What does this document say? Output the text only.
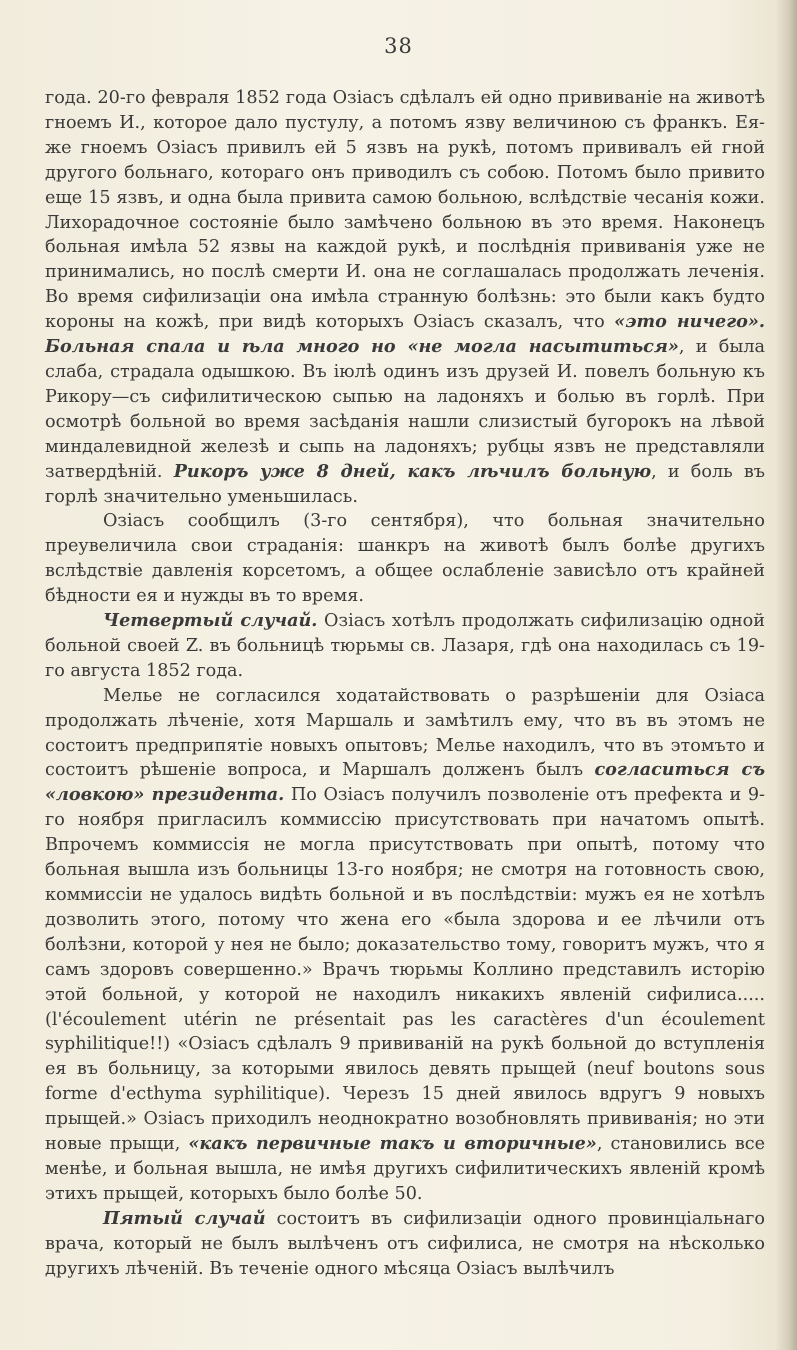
38

года. 20-го февраля 1852 года Озіасъ сдѣлалъ ей одно прививаніе на животѣ гноемъ И., которое дало пустулу, а потомъ язву величиною съ франкъ. Ея-же гноемъ Озіасъ привилъ ей 5 язвъ на рукѣ, потомъ прививалъ ей гной другого больнаго, котораго онъ приводилъ съ собою. Потомъ было привито еще 15 язвъ, и одна была привита самою больною, вслѣдствіе чесанія кожи. Лихорадочное состояніе было замѣчено больною въ это время. Наконецъ больная имѣла 52 язвы на каждой рукѣ, и послѣднія прививанія уже не принимались, но послѣ смерти И. она не соглашалась продолжать леченія. Во время сифилизаціи она имѣла странную болѣзнь: это были какъ будто короны на кожѣ, при видѣ которыхъ Озіасъ сказалъ, что «это ничего». Больная спала и ѣла много но «не могла насытиться», и была слаба, страдала одышкою. Въ іюлѣ одинъ изъ друзей И. повелъ больную къ Рикору—съ сифилитическою сыпью на ладоняхъ и болью въ горлѣ. При осмотрѣ больной во время засѣданія нашли слизистый бугорокъ на лѣвой миндалевидной железѣ и сыпь на ладоняхъ; рубцы язвъ не представляли затвердѣній. Рикоръ уже 8 дней, какъ лѣчилъ больную, и боль въ горлѣ значительно уменьшилась.

Озіасъ сообщилъ (3-го сентября), что больная значительно преувеличила свои страданія: шанкръ на животѣ былъ болѣе другихъ вслѣдствіе давленія корсетомъ, а общее ослабленіе зависѣло отъ крайней бѣдности ея и нужды въ то время.

Четвертый случай. Озіасъ хотѣлъ продолжать сифилизацію одной больной своей Z. въ больницѣ тюрьмы св. Лазаря, гдѣ она находилась съ 19-го августа 1852 года.

Мелье не согласился ходатайствовать о разрѣшеніи для Озіаса продолжать лѣченіе, хотя Маршаль и замѣтилъ ему, что въ въ этомъ не состоитъ предприпятіе новыхъ опытовъ; Мелье находилъ, что въ этомъто и состоитъ рѣшеніе вопроса, и Маршалъ долженъ былъ согласиться съ «ловкою» президента. По Озіасъ получилъ позволеніе отъ префекта и 9-го ноября пригласилъ коммиссію присутствовать при начатомъ опытѣ. Впрочемъ коммиссія не могла присутствовать при опытѣ, потому что больная вышла изъ больницы 13-го ноября; не смотря на готовность свою, коммиссіи не удалось видѣть больной и въ послѣдствіи: мужъ ея не хотѣлъ дозволить этого, потому что жена его «была здорова и ее лѣчили отъ болѣзни, которой у нея не было; доказательство тому, говоритъ мужъ, что я самъ здоровъ совершенно.» Врачъ тюрьмы Коллино представилъ исторію этой больной, у которой не находилъ никакихъ явленій сифилиса..... (l'écoulement utérin ne présentait pas les caractères d'un écoulement syphilitique!!) «Озіасъ сдѣлалъ 9 прививаній на рукѣ больной до вступленія ея въ больницу, за которыми явилось девять прыщей (neuf boutons sous forme d'ecthyma syphilitique). Черезъ 15 дней явилось вдругъ 9 новыхъ прыщей.» Озіасъ приходилъ неоднократно возобновлять прививанія; но эти новые прыщи, «какъ первичные такъ и вторичные», становились все менѣе, и больная вышла, не имѣя другихъ сифилитическихъ явленій кромѣ этихъ прыщей, которыхъ было болѣе 50.

Пятый случай состоитъ въ сифилизаціи одного провинціальнаго врача, который не былъ вылѣченъ отъ сифилиса, не смотря на нѣсколько другихъ лѣченій. Въ теченіе одного мѣсяца Озіасъ вылѣчилъ
